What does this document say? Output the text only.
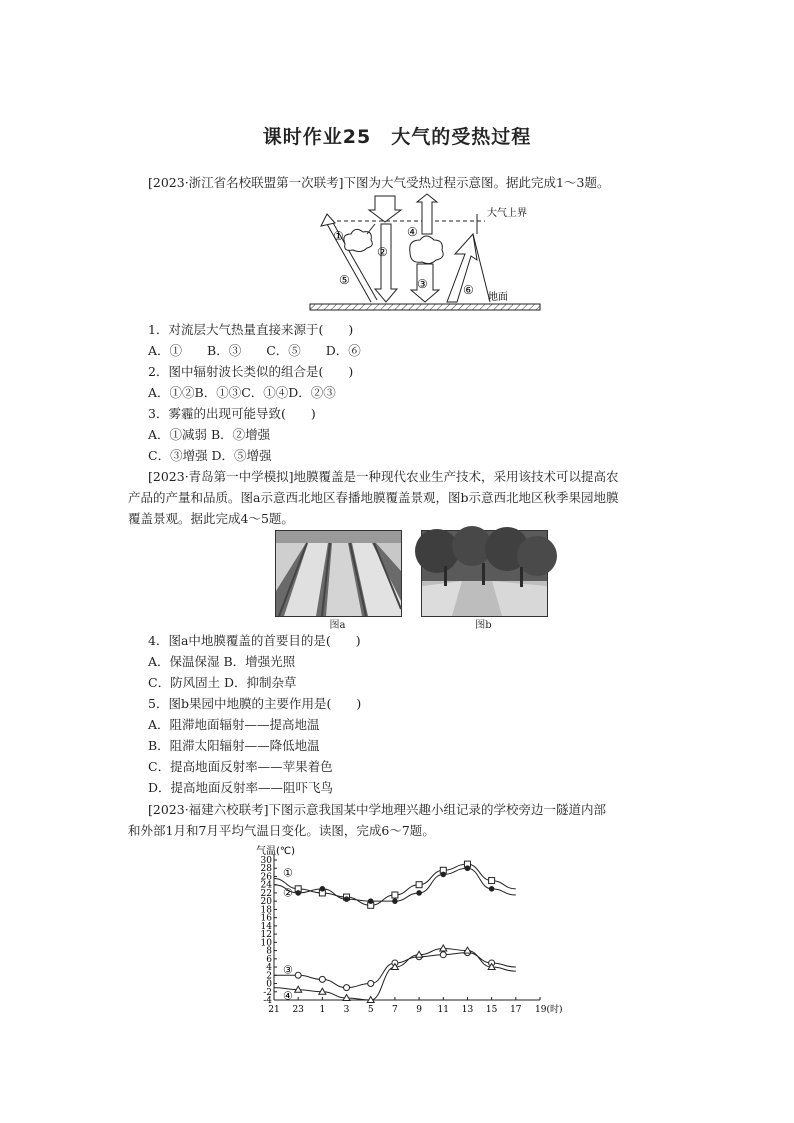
课时作业25　大气的受热过程
[2023·浙江省名校联盟第一次联考]下图为大气受热过程示意图。据此完成1～3题。
大气上界
地面
①
②
③
④
⑤
⑥
1．对流层大气热量直接来源于(　　)
A．①　　B．③　　C．⑤　　D．⑥
2．图中辐射波长类似的组合是(　　)
A．①②B．①③C．①④D．②③
3．雾霾的出现可能导致(　　)
A．①减弱 B．②增强
C．③增强 D．⑤增强
[2023·青岛第一中学模拟]地膜覆盖是一种现代农业生产技术，采用该技术可以提高农
产品的产量和品质。图a示意西北地区春播地膜覆盖景观，图b示意西北地区秋季果园地膜
覆盖景观。据此完成4～5题。
图a	图b
4．图a中地膜覆盖的首要目的是(　　)
A．保温保湿 B．增强光照
C．防风固土 D．抑制杂草
5．图b果园中地膜的主要作用是(　　)
A．阻滞地面辐射——提高地温
B．阻滞太阳辐射——降低地温
C．提高地面反射率——苹果着色
D．提高地面反射率——阻吓飞鸟
[2023·福建六校联考]下图示意我国某中学地理兴趣小组记录的学校旁边一隧道内部
和外部1月和7月平均气温日变化。读图，完成6～7题。
气温(℃)
30
28
26
24
22
20
18
16
14
12
10
8
6
4
2
0
-2
-4
21 23 1 3 5 7 9 11 13 15 17 19(时)
①
②
③
④
